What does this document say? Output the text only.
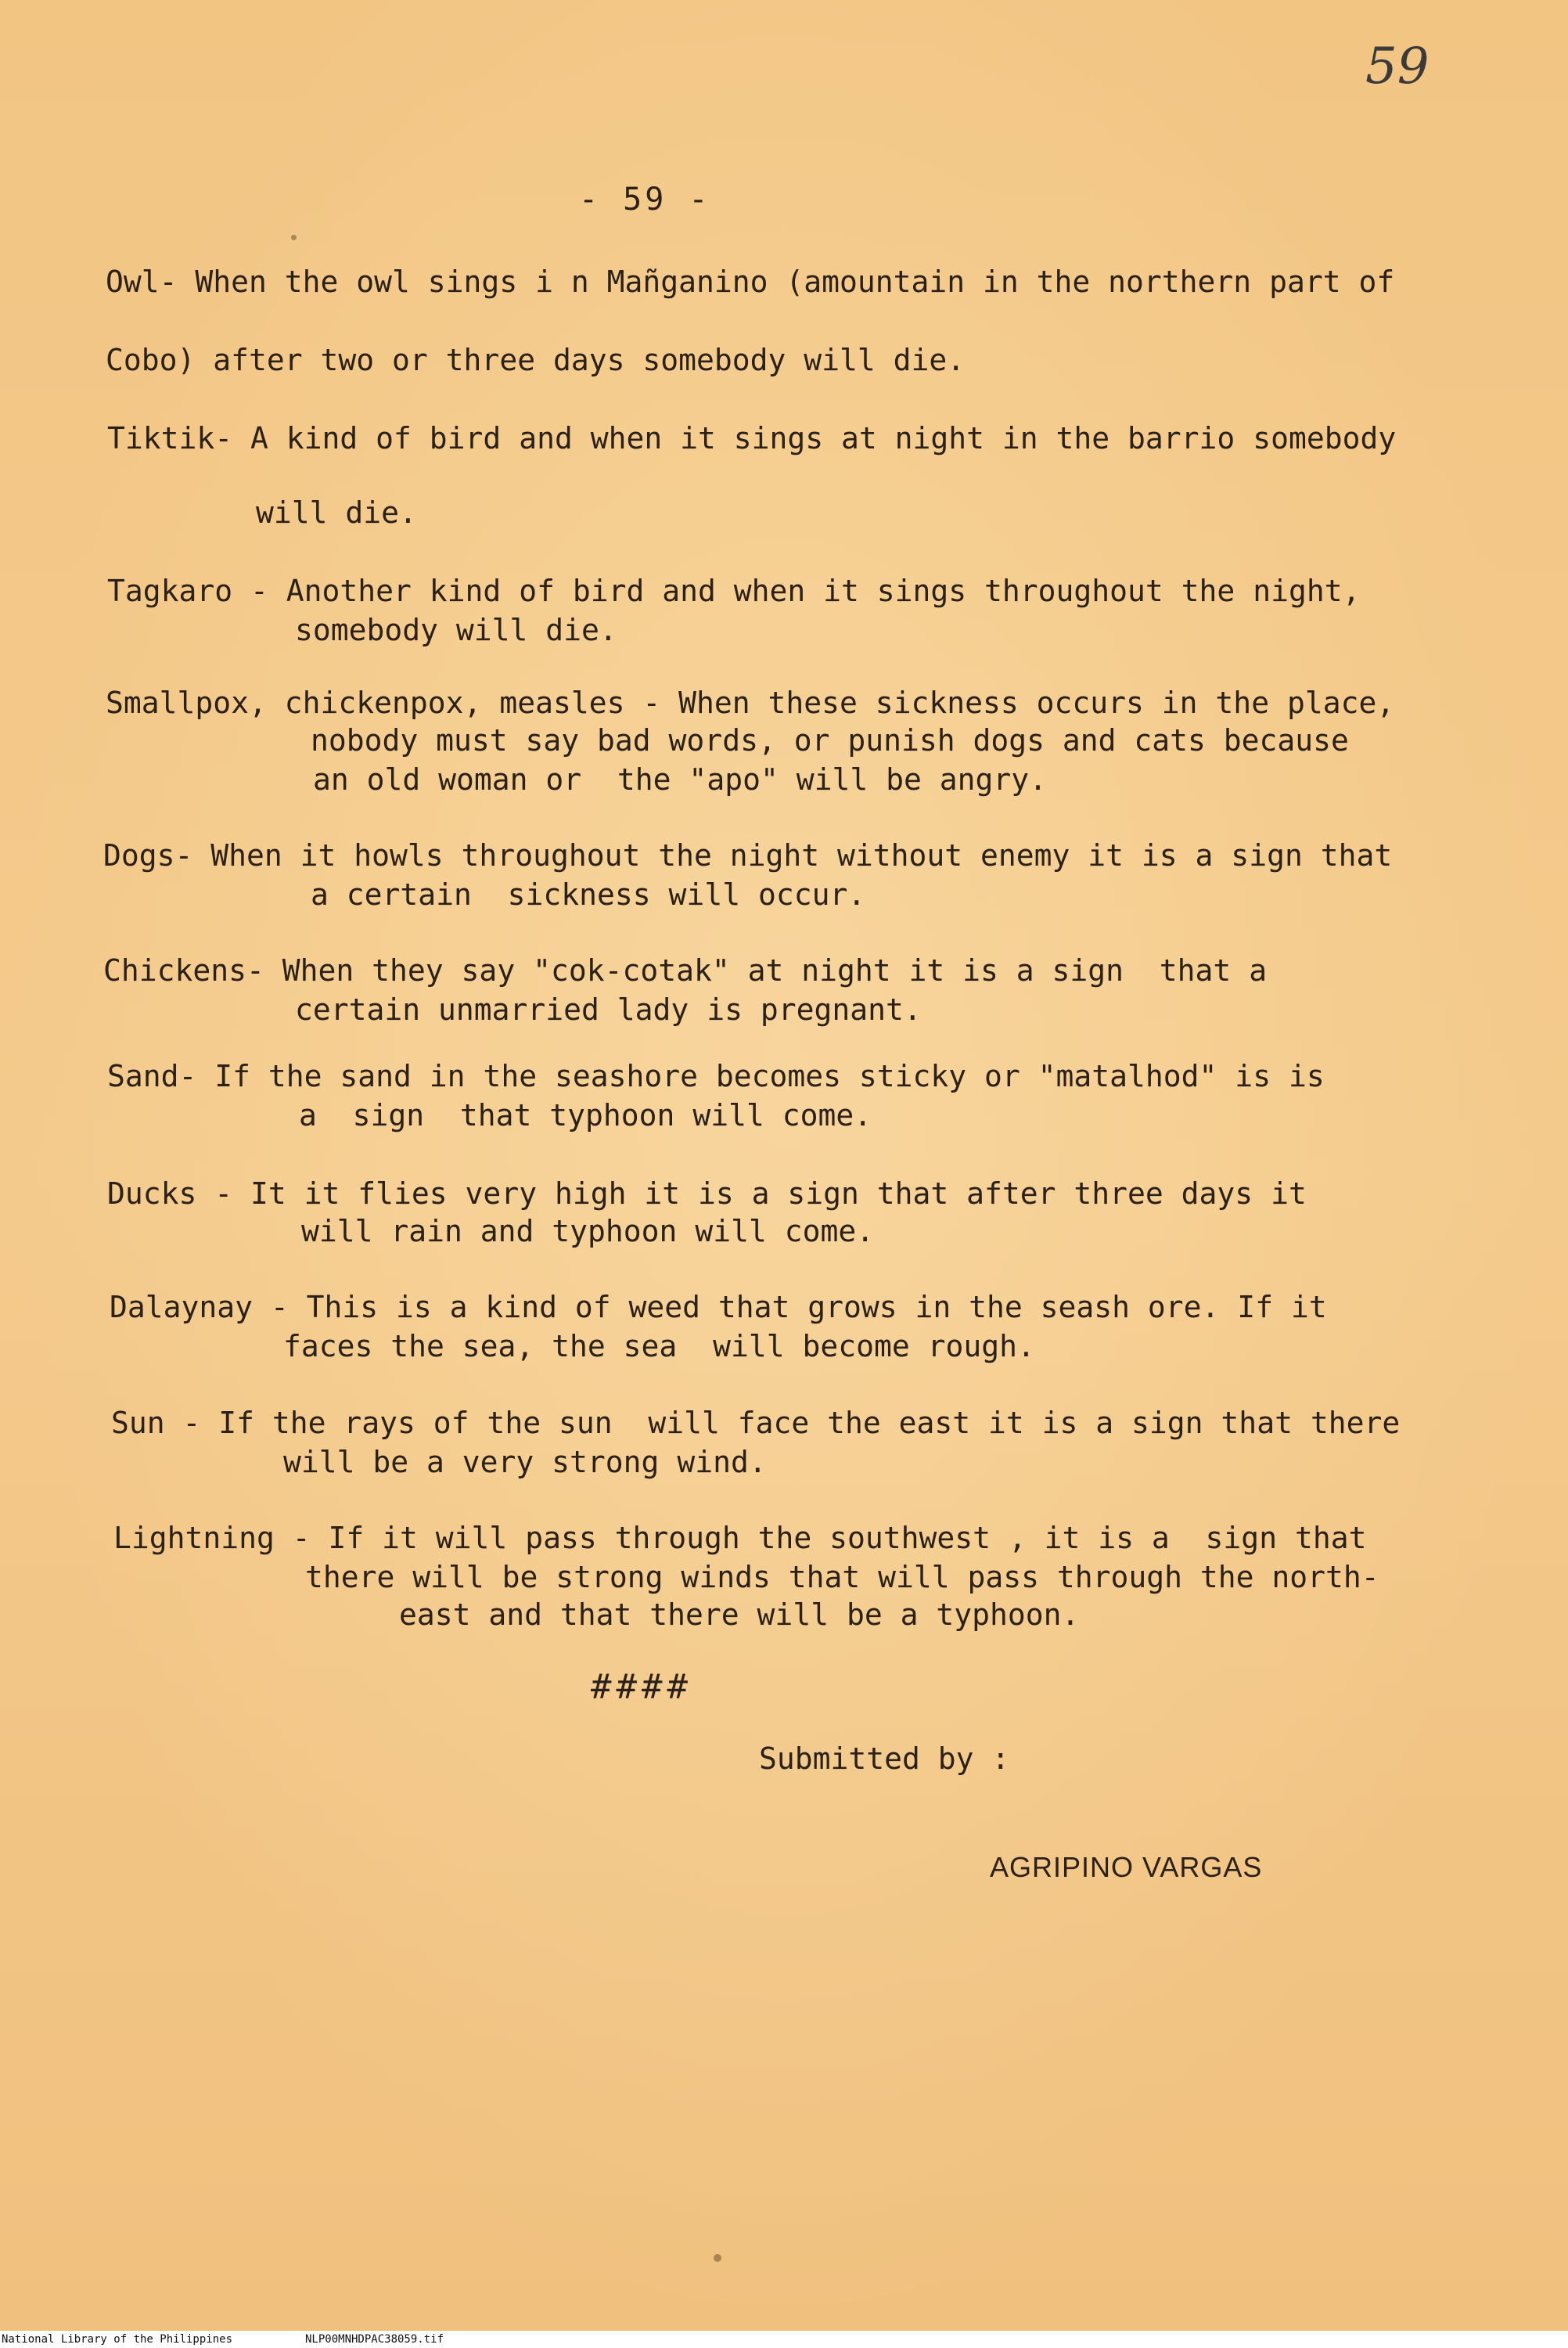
59
- 59 -

Owl- When the owl sings i n Mañganino (amountain in the northern part of

Cobo) after two or three days somebody will die.

Tiktik- A kind of bird and when it sings at night in the barrio somebody

will die.

Tagkaro - Another kind of bird and when it sings throughout the night,

somebody will die.

Smallpox, chickenpox, measles - When these sickness occurs in the place,

nobody must say bad words, or punish dogs and cats because

an old woman or  the "apo" will be angry.

Dogs- When it howls throughout the night without enemy it is a sign that

a certain  sickness will occur.

Chickens- When they say "cok-cotak" at night it is a sign  that a

certain unmarried lady is pregnant.

Sand- If the sand in the seashore becomes sticky or "matalhod" is is

a  sign  that typhoon will come.

Ducks - It it flies very high it is a sign that after three days it

will rain and typhoon will come.

Dalaynay - This is a kind of weed that grows in the seash ore. If it

faces the sea, the sea  will become rough.

Sun - If the rays of the sun  will face the east it is a sign that there

will be a very strong wind.

Lightning - If it will pass through the southwest , it is a  sign that

there will be strong winds that will pass through the north-

east and that there will be a typhoon.

####
Submitted by :
AGRIPINO VARGAS
National Library of the Philippines	NLP00MNHDPAC38059.tif
